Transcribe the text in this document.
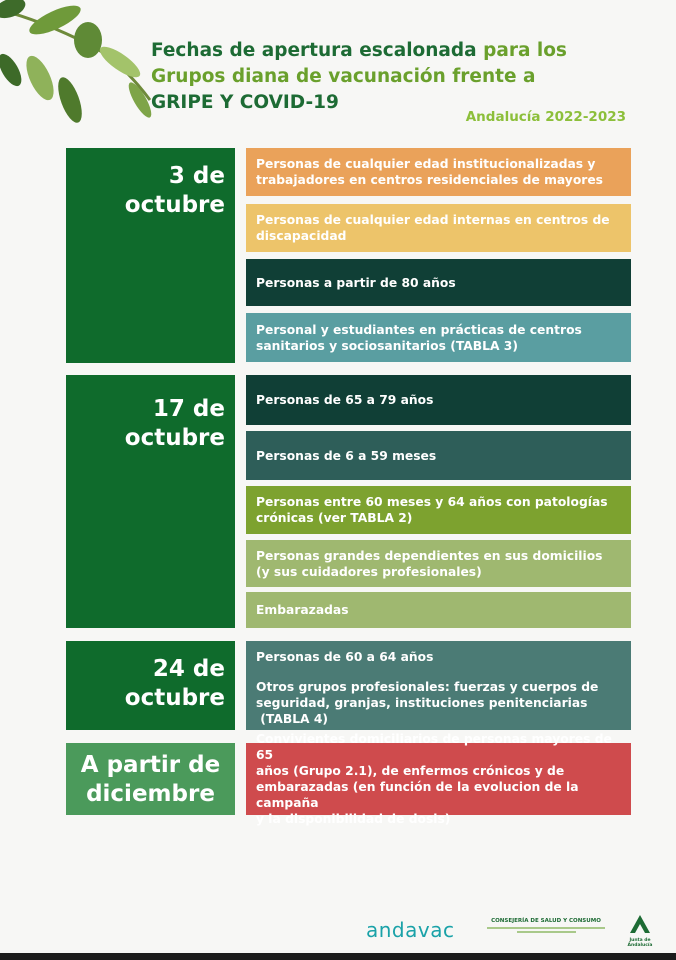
Fechas de apertura escalonada para los
Grupos diana de vacunación frente a
GRIPE Y COVID-19
Andalucía 2022-2023
3 de
octubre
Personas de cualquier edad institucionalizadas y
trabajadores en centros residenciales de mayores
Personas de cualquier edad internas en centros de
discapacidad
Personas a partir de 80 años
Personal y estudiantes en prácticas de centros
sanitarios y sociosanitarios (TABLA 3)
17 de
octubre
Personas de 65 a 79 años
Personas de 6 a 59 meses
Personas entre 60 meses y 64 años con patologías
crónicas (ver TABLA 2)
Personas grandes dependientes en sus domicilios
(y sus cuidadores profesionales)
Embarazadas
24 de
octubre
Personas de 60 a 64 años
Otros grupos profesionales: fuerzas y cuerpos de
seguridad, granjas, instituciones penitenciarias
(TABLA 4)
A partir de
diciembre
Convivientes domiciliarios de personas mayores de 65
años (Grupo 2.1), de enfermos crónicos y de
embarazadas (en función de la evolucion de la campaña
y la disponibilidad de dosis)
andavac	CONSEJERÍA DE SALUD Y CONSUMO
Junta de Andalucía
